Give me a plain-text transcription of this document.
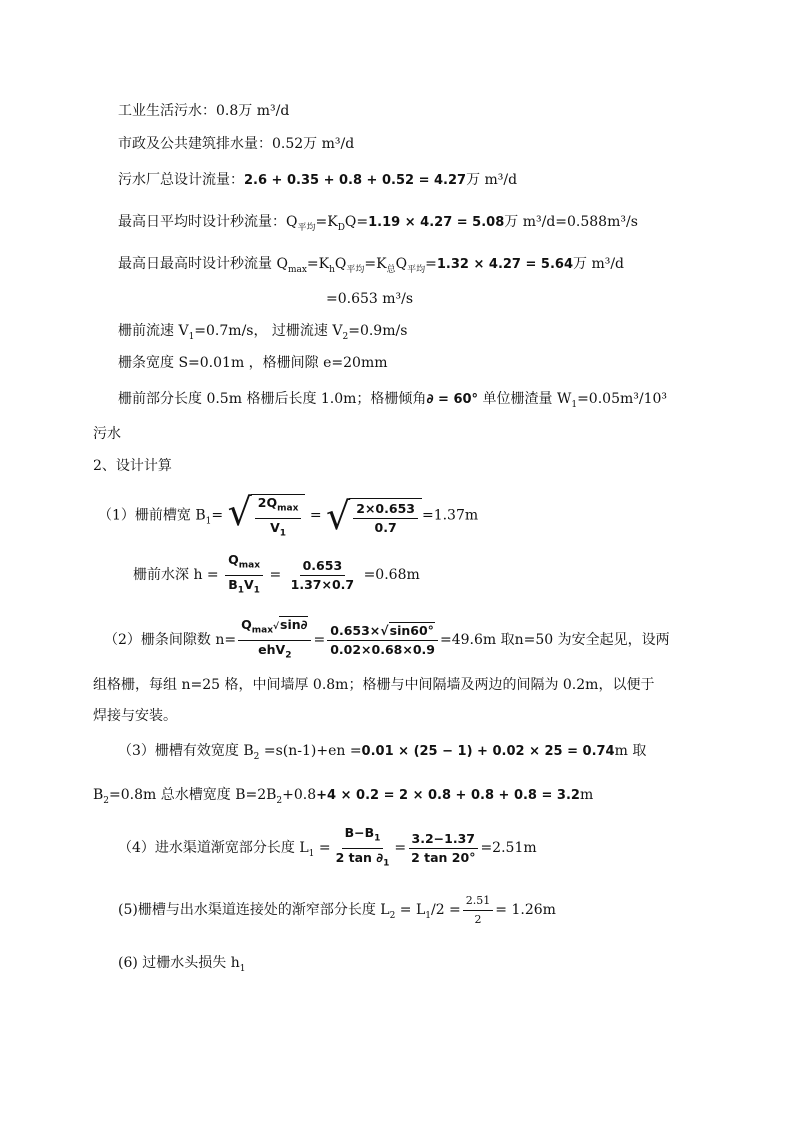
工业生活污水：0.8万 m³/d
市政及公共建筑排水量：0.52万 m³/d
污水厂总设计流量：2.6 + 0.35 + 0.8 + 0.52 = 4.27万 m³/d
最高日平均时设计秒流量：$Q_{平均}=K_DQ=1.19 \times 4.27 = 5.08$万 m³/d=0.588m³/s
最高日最高时设计秒流量 $Q_{max}=K_hQ_{平均}=K_总Q_{平均}=1.32 \times 4.27 = 5.64$万 m³/d
=0.653 m³/s
栅前流速 $V_1=0.7m/s$， 过栅流速 $V_2=0.9m/s$
栅条宽度 S=0.01m ，格栅间隙 e=20mm
栅前部分长度 0.5m 格栅后长度 1.0m；格栅倾角∂ = 60° 单位栅渣量 $W_1=0.05m^3/10^3$
污水
2、设计计算
（1）栅前槽宽 $B_1=$ √ $\frac{2Q_{max}}{V_1}$ = √ $\frac{2\times 0.653}{0.7} =1.37m$
栅前水深 $h = \frac{Q_{max}}{B_1V_1} = \frac{0.653}{1.37\times 0.7} =0.68m$
（2）栅条间隙数 $n= \frac{Q_{max}√\sin\partial}{ehV_2} = \frac{0.653\times√\sin 60^\circ}{0.02\times 0.68\times 0.9} =49.6m$ 取n=50 为安全起见，设两
组格栅，每组 n=25 格，中间墙厚 0.8m；格栅与中间隔墙及两边的间隔为 0.2m，以便于
焊接与安装。
（3）栅槽有效宽度 $B_2 =s(n-1)+en =0.01 \times (25 - 1) + 0.02 \times 25 = 0.74m$ 取
$B_2=0.8m$ 总水槽宽度 $B=2B_2+0.8+4 \times 0.2 = 2 \times 0.8 + 0.8 + 0.8 = 3.2m$
（4）进水渠道渐宽部分长度 $L_1 = \frac{B-B_1}{2 \tan \partial_1} = \frac{3.2-1.37}{2 \tan 20^\circ} =2.51m$
(5)栅槽与出水渠道连接处的渐窄部分长度 $L_2 = L_1/2 = \frac{2.51}{2} = 1.26m$
(6) 过栅水头损失 $h_1$
